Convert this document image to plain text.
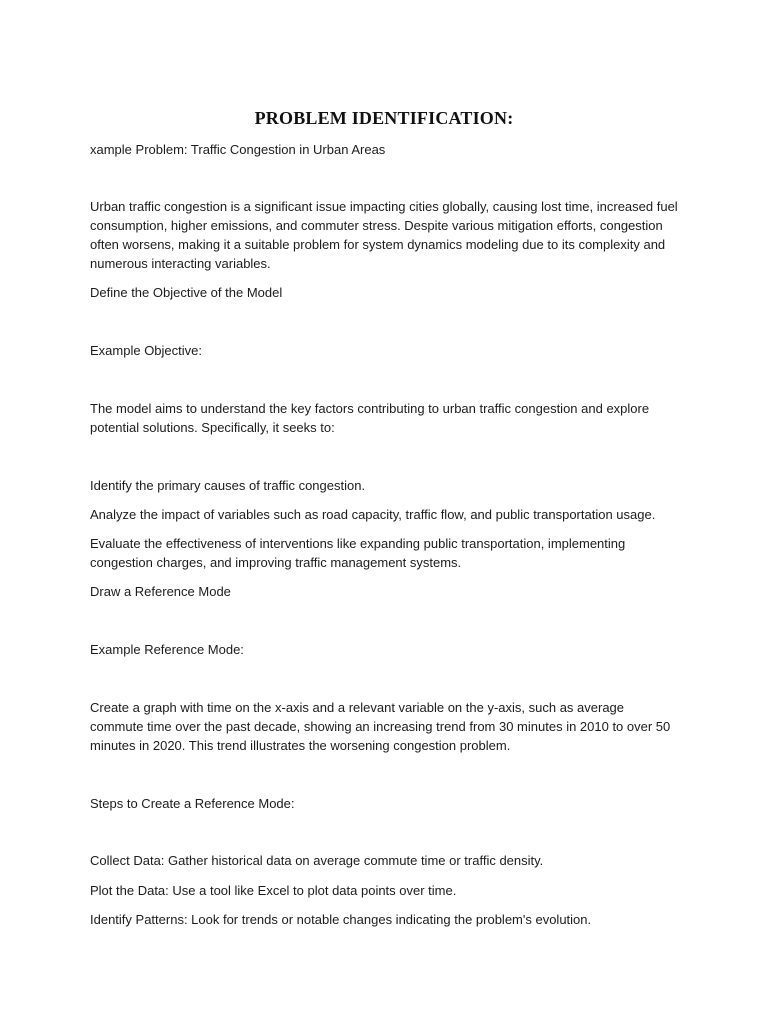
PROBLEM IDENTIFICATION:
xample Problem: Traffic Congestion in Urban Areas
Urban traffic congestion is a significant issue impacting cities globally, causing lost time, increased fuel consumption, higher emissions, and commuter stress. Despite various mitigation efforts, congestion often worsens, making it a suitable problem for system dynamics modeling due to its complexity and numerous interacting variables.
Define the Objective of the Model
Example Objective:
The model aims to understand the key factors contributing to urban traffic congestion and explore potential solutions. Specifically, it seeks to:
Identify the primary causes of traffic congestion.
Analyze the impact of variables such as road capacity, traffic flow, and public transportation usage.
Evaluate the effectiveness of interventions like expanding public transportation, implementing congestion charges, and improving traffic management systems.
Draw a Reference Mode
Example Reference Mode:
Create a graph with time on the x-axis and a relevant variable on the y-axis, such as average commute time over the past decade, showing an increasing trend from 30 minutes in 2010 to over 50 minutes in 2020. This trend illustrates the worsening congestion problem.
Steps to Create a Reference Mode:
Collect Data: Gather historical data on average commute time or traffic density.
Plot the Data: Use a tool like Excel to plot data points over time.
Identify Patterns: Look for trends or notable changes indicating the problem's evolution.
